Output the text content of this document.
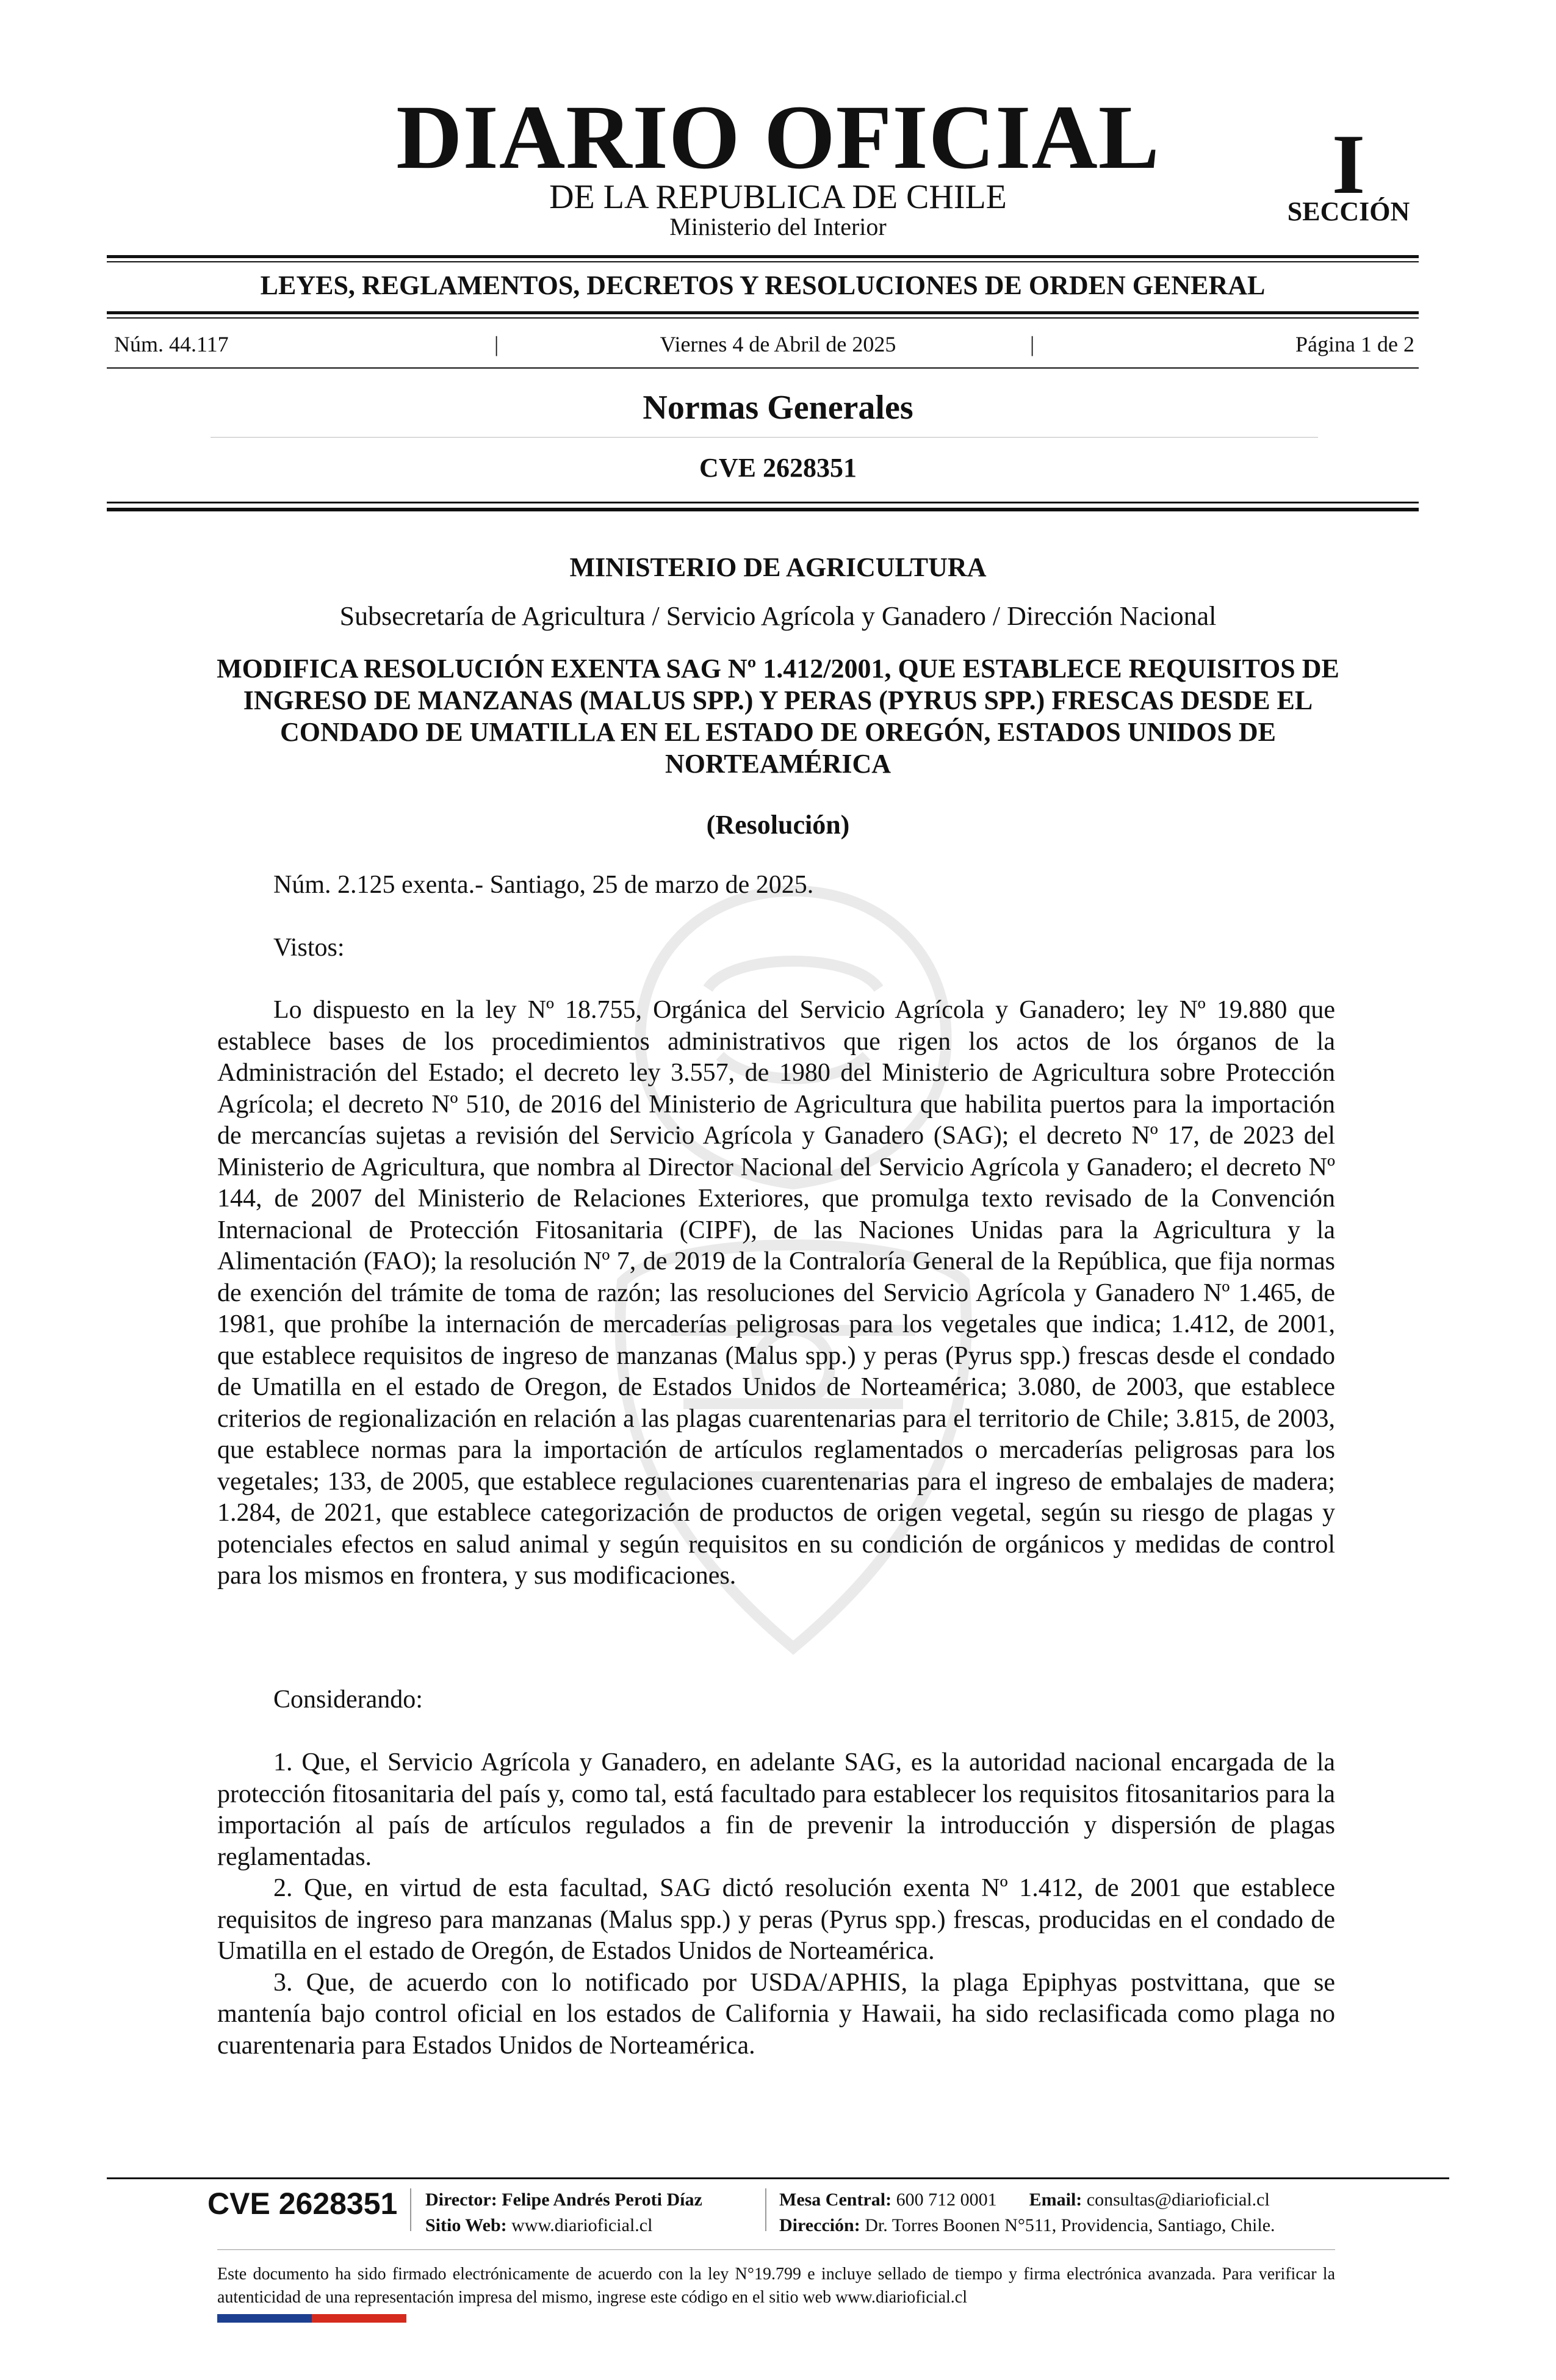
DIARIO OFICIAL
DE LA REPUBLICA DE CHILE
Ministerio del Interior
I
SECCIÓN
LEYES, REGLAMENTOS, DECRETOS Y RESOLUCIONES DE ORDEN GENERAL
Núm. 44.117	|	Viernes 4 de Abril de 2025	|	Página 1 de 2
Normas Generales
CVE 2628351
MINISTERIO DE AGRICULTURA
Subsecretaría de Agricultura / Servicio Agrícola y Ganadero / Dirección Nacional
MODIFICA RESOLUCIÓN EXENTA SAG Nº 1.412/2001, QUE ESTABLECE REQUISITOS DE INGRESO DE MANZANAS (MALUS SPP.) Y PERAS (PYRUS SPP.) FRESCAS DESDE EL CONDADO DE UMATILLA EN EL ESTADO DE OREGÓN, ESTADOS UNIDOS DE NORTEAMÉRICA
(Resolución)
Núm. 2.125 exenta.- Santiago, 25 de marzo de 2025.
Vistos:
Lo dispuesto en la ley Nº 18.755, Orgánica del Servicio Agrícola y Ganadero; ley Nº 19.880 que establece bases de los procedimientos administrativos que rigen los actos de los órganos de la Administración del Estado; el decreto ley 3.557, de 1980 del Ministerio de Agricultura sobre Protección Agrícola; el decreto Nº 510, de 2016 del Ministerio de Agricultura que habilita puertos para la importación de mercancías sujetas a revisión del Servicio Agrícola y Ganadero (SAG); el decreto Nº 17, de 2023 del Ministerio de Agricultura, que nombra al Director Nacional del Servicio Agrícola y Ganadero; el decreto Nº 144, de 2007 del Ministerio de Relaciones Exteriores, que promulga texto revisado de la Convención Internacional de Protección Fitosanitaria (CIPF), de las Naciones Unidas para la Agricultura y la Alimentación (FAO); la resolución Nº 7, de 2019 de la Contraloría General de la República, que fija normas de exención del trámite de toma de razón; las resoluciones del Servicio Agrícola y Ganadero Nº 1.465, de 1981, que prohíbe la internación de mercaderías peligrosas para los vegetales que indica; 1.412, de 2001, que establece requisitos de ingreso de manzanas (Malus spp.) y peras (Pyrus spp.) frescas desde el condado de Umatilla en el estado de Oregon, de Estados Unidos de Norteamérica; 3.080, de 2003, que establece criterios de regionalización en relación a las plagas cuarentenarias para el territorio de Chile; 3.815, de 2003, que establece normas para la importación de artículos reglamentados o mercaderías peligrosas para los vegetales; 133, de 2005, que establece regulaciones cuarentenarias para el ingreso de embalajes de madera; 1.284, de 2021, que establece categorización de productos de origen vegetal, según su riesgo de plagas y potenciales efectos en salud animal y según requisitos en su condición de orgánicos y medidas de control para los mismos en frontera, y sus modificaciones.
Considerando:

1. Que, el Servicio Agrícola y Ganadero, en adelante SAG, es la autoridad nacional encargada de la protección fitosanitaria del país y, como tal, está facultado para establecer los requisitos fitosanitarios para la importación al país de artículos regulados a fin de prevenir la introducción y dispersión de plagas reglamentadas.

2. Que, en virtud de esta facultad, SAG dictó resolución exenta Nº 1.412, de 2001 que establece requisitos de ingreso para manzanas (Malus spp.) y peras (Pyrus spp.) frescas, producidas en el condado de Umatilla en el estado de Oregón, de Estados Unidos de Norteamérica.

3. Que, de acuerdo con lo notificado por USDA/APHIS, la plaga Epiphyas postvittana, que se mantenía bajo control oficial en los estados de California y Hawaii, ha sido reclasificada como plaga no cuarentenaria para Estados Unidos de Norteamérica.

CVE 2628351 Director: Felipe Andrés Peroti Díaz
Sitio Web: www.diarioficial.cl
Mesa Central: 600 712 0001 Email: consultas@diarioficial.cl
Dirección: Dr. Torres Boonen N°511, Providencia, Santiago, Chile.
Este documento ha sido firmado electrónicamente de acuerdo con la ley N°19.799 e incluye sellado de tiempo y firma electrónica avanzada. Para verificar la autenticidad de una representación impresa del mismo, ingrese este código en el sitio web www.diarioficial.cl
